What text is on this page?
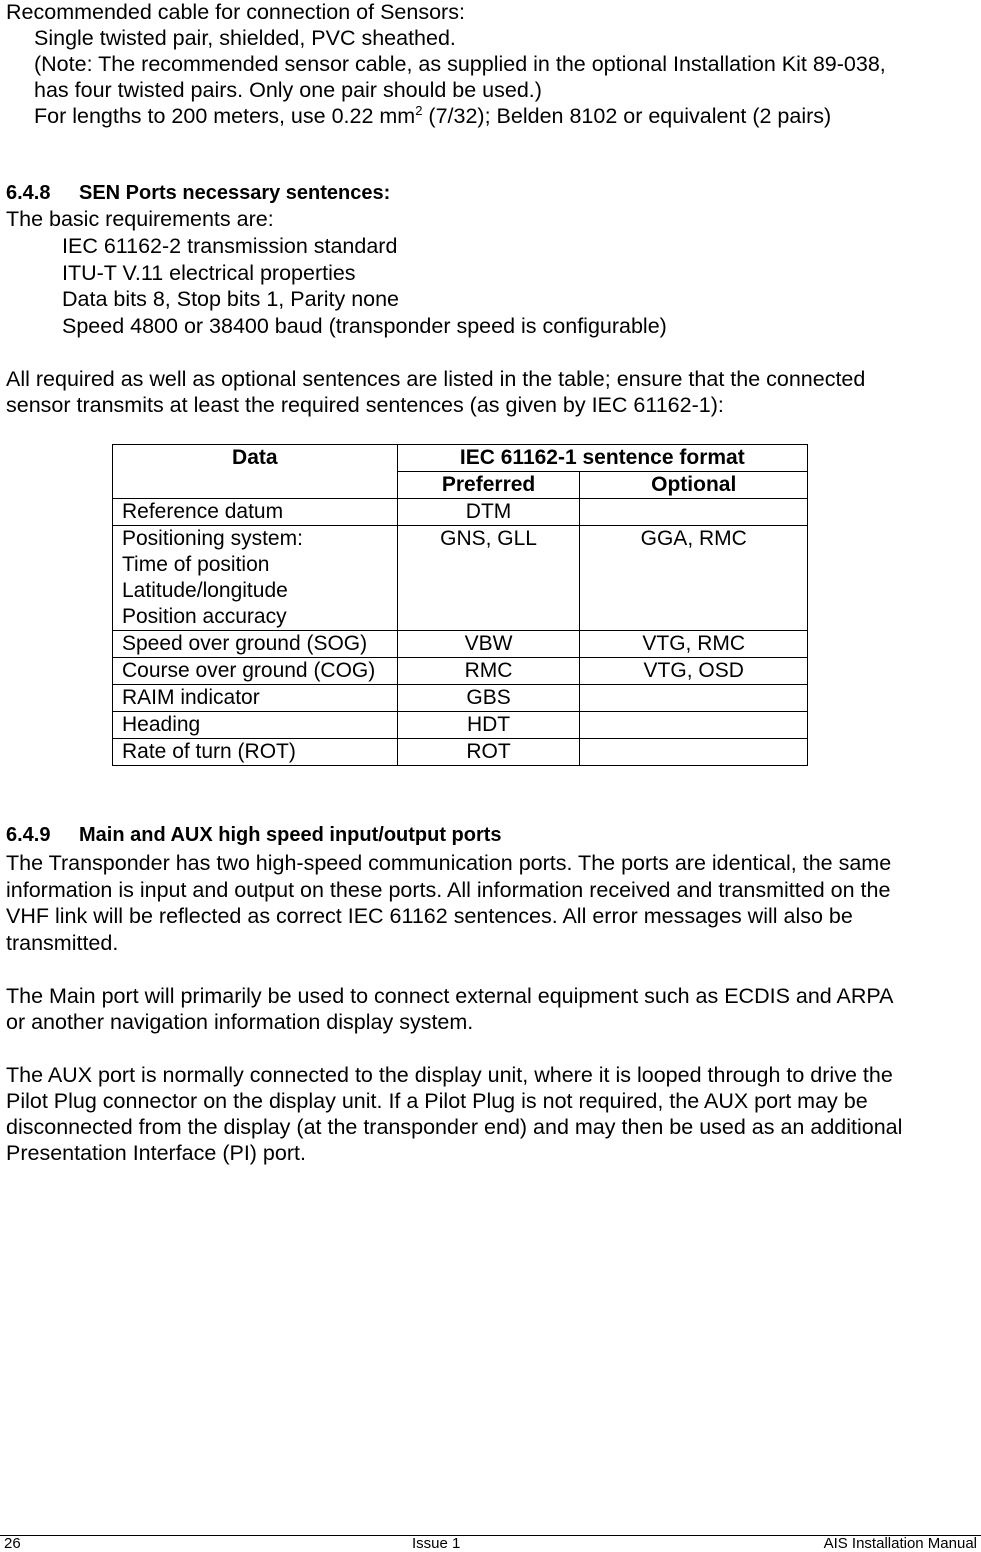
Recommended cable for connection of Sensors:
Single twisted pair, shielded, PVC sheathed.
(Note: The recommended sensor cable, as supplied in the optional Installation Kit 89-038,
has four twisted pairs. Only one pair should be used.)
For lengths to 200 meters, use 0.22 $mm^2$ (7/32); Belden 8102 or equivalent (2 pairs)
6.4.8 SEN Ports necessary sentences:
The basic requirements are:
IEC 61162-2 transmission standard
ITU-T V.11 electrical properties
Data bits 8, Stop bits 1, Parity none
Speed 4800 or 38400 baud (transponder speed is configurable)
All required as well as optional sentences are listed in the table; ensure that the connected
sensor transmits at least the required sentences (as given by IEC 61162-1):
Data	IEC 61162-1 sentence format	
	Preferred	Optional
Reference datum	DTM	

Positioning system:
Time of position
Latitude/longitude
Position accuracy	GNS, GLL	GGA, RMC
Speed over ground (SOG)	VBW	VTG, RMC
Course over ground (COG)	RMC	VTG, OSD
RAIM indicator	GBS	
Heading	HDT	
Rate of turn (ROT)	ROT	
6.4.9 Main and AUX high speed input/output ports
The Transponder has two high-speed communication ports. The ports are identical, the same
information is input and output on these ports. All information received and transmitted on the
VHF link will be reflected as correct IEC 61162 sentences. All error messages will also be
transmitted.
The Main port will primarily be used to connect external equipment such as ECDIS and ARPA
or another navigation information display system.
The AUX port is normally connected to the display unit, where it is looped through to drive the
Pilot Plug connector on the display unit. If a Pilot Plug is not required, the AUX port may be
disconnected from the display (at the transponder end) and may then be used as an additional
Presentation Interface (PI) port.
26	Issue 1	AIS Installation Manual
